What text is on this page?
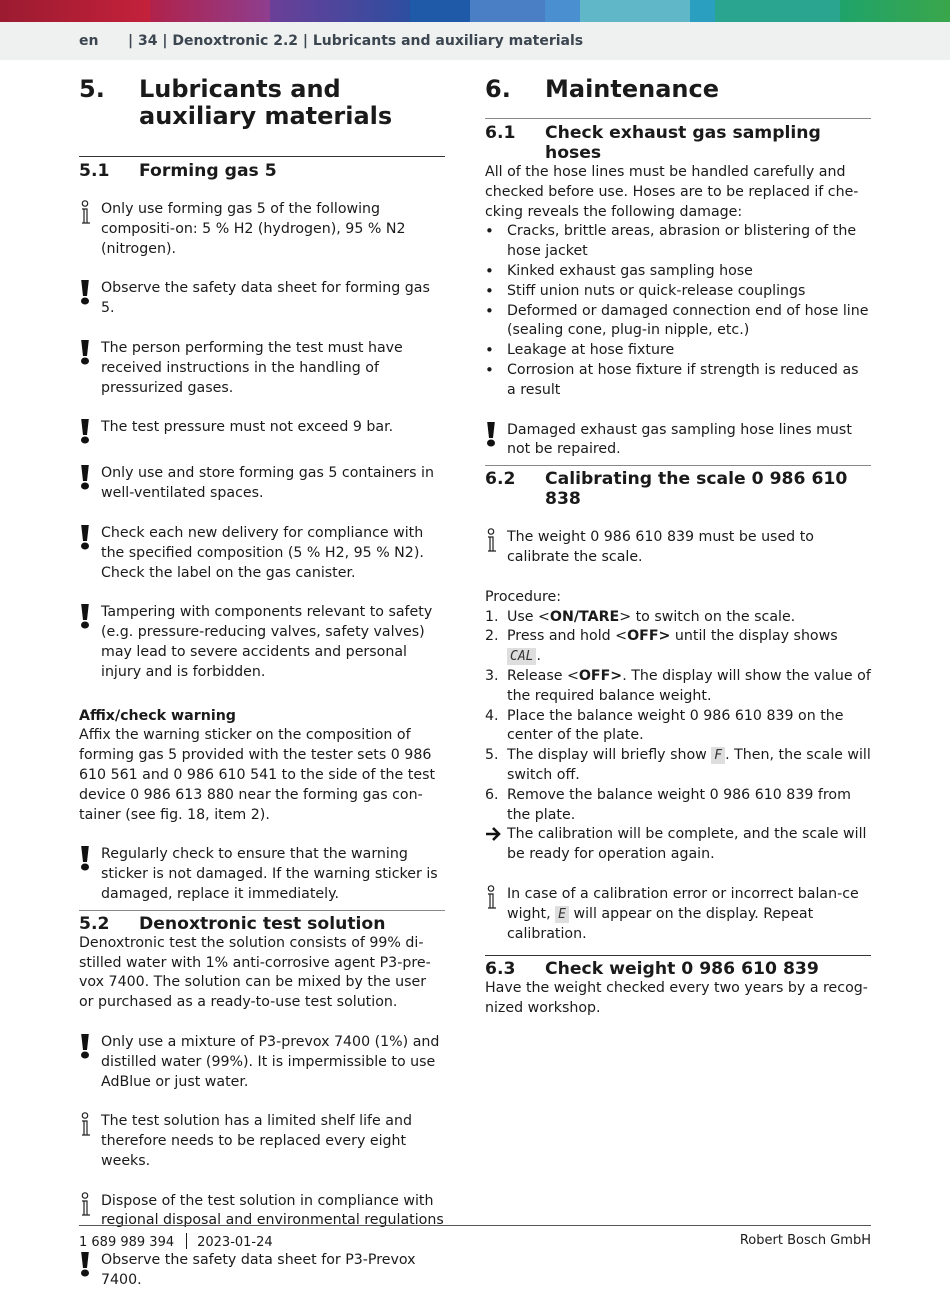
en | 34 | Denoxtronic 2.2 | Lubricants and auxiliary materials
5.	Lubricants and auxiliary materials
5.1	Forming gas 5
Only use forming gas 5 of the following compositi-on: 5 % H2 (hydrogen), 95 % N2 (nitrogen).
Observe the safety data sheet for forming gas 5.
The person performing the test must have received instructions in the handling of pressurized gases.
The test pressure must not exceed 9 bar.
Only use and store forming gas 5 containers in well-ventilated spaces.
Check each new delivery for compliance with the specified composition (5 % H2, 95 % N2). Check the label on the gas canister.
Tampering with components relevant to safety (e.g. pressure-reducing valves, safety valves) may lead to severe accidents and personal injury and is forbidden.
Affix/check warning
Affix the warning sticker on the composition of forming gas 5 provided with the tester sets 0 986 610 561 and 0 986 610 541 to the side of the test device 0 986 613 880 near the forming gas con-tainer (see fig. 18, item 2).
Regularly check to ensure that the warning sticker is not damaged. If the warning sticker is damaged, replace it immediately.
5.2	Denoxtronic test solution
Denoxtronic test the solution consists of 99% di-stilled water with 1% anti-corrosive agent P3-pre-vox 7400. The solution can be mixed by the user or purchased as a ready-to-use test solution.
Only use a mixture of P3-prevox 7400 (1%) and distilled water (99%). It is impermissible to use AdBlue or just water.
The test solution has a limited shelf life and therefore needs to be replaced every eight weeks.
Dispose of the test solution in compliance with regional disposal and environmental regulations
Observe the safety data sheet for P3-Prevox 7400.
6.	Maintenance
6.1	Check exhaust gas sampling hoses
All of the hose lines must be handled carefully and checked before use. Hoses are to be replaced if che-cking reveals the following damage:
• Cracks, brittle areas, abrasion or blistering of the hose jacket
• Kinked exhaust gas sampling hose
• Stiff union nuts or quick-release couplings
• Deformed or damaged connection end of hose line (sealing cone, plug-in nipple, etc.)
• Leakage at hose fixture
• Corrosion at hose fixture if strength is reduced as a result
Damaged exhaust gas sampling hose lines must not be repaired.
6.2	Calibrating the scale 0 986 610 838
The weight 0 986 610 839 must be used to calibrate the scale.
Procedure:
1. Use <ON/TARE> to switch on the scale.
2. Press and hold <OFF> until the display shows CAL .
3. Release <OFF>. The display will show the value of the required balance weight.
4. Place the balance weight 0 986 610 839 on the center of the plate.
5. The display will briefly show F . Then, the scale will switch off.
6. Remove the balance weight 0 986 610 839 from the plate.
The calibration will be complete, and the scale will be ready for operation again.
In case of a calibration error or incorrect balan-ce wight, E will appear on the display. Repeat calibration.
6.3	Check weight 0 986 610 839
Have the weight checked every two years by a recog-nized workshop.
1 689 989 394 2023-01-24	Robert Bosch GmbH
